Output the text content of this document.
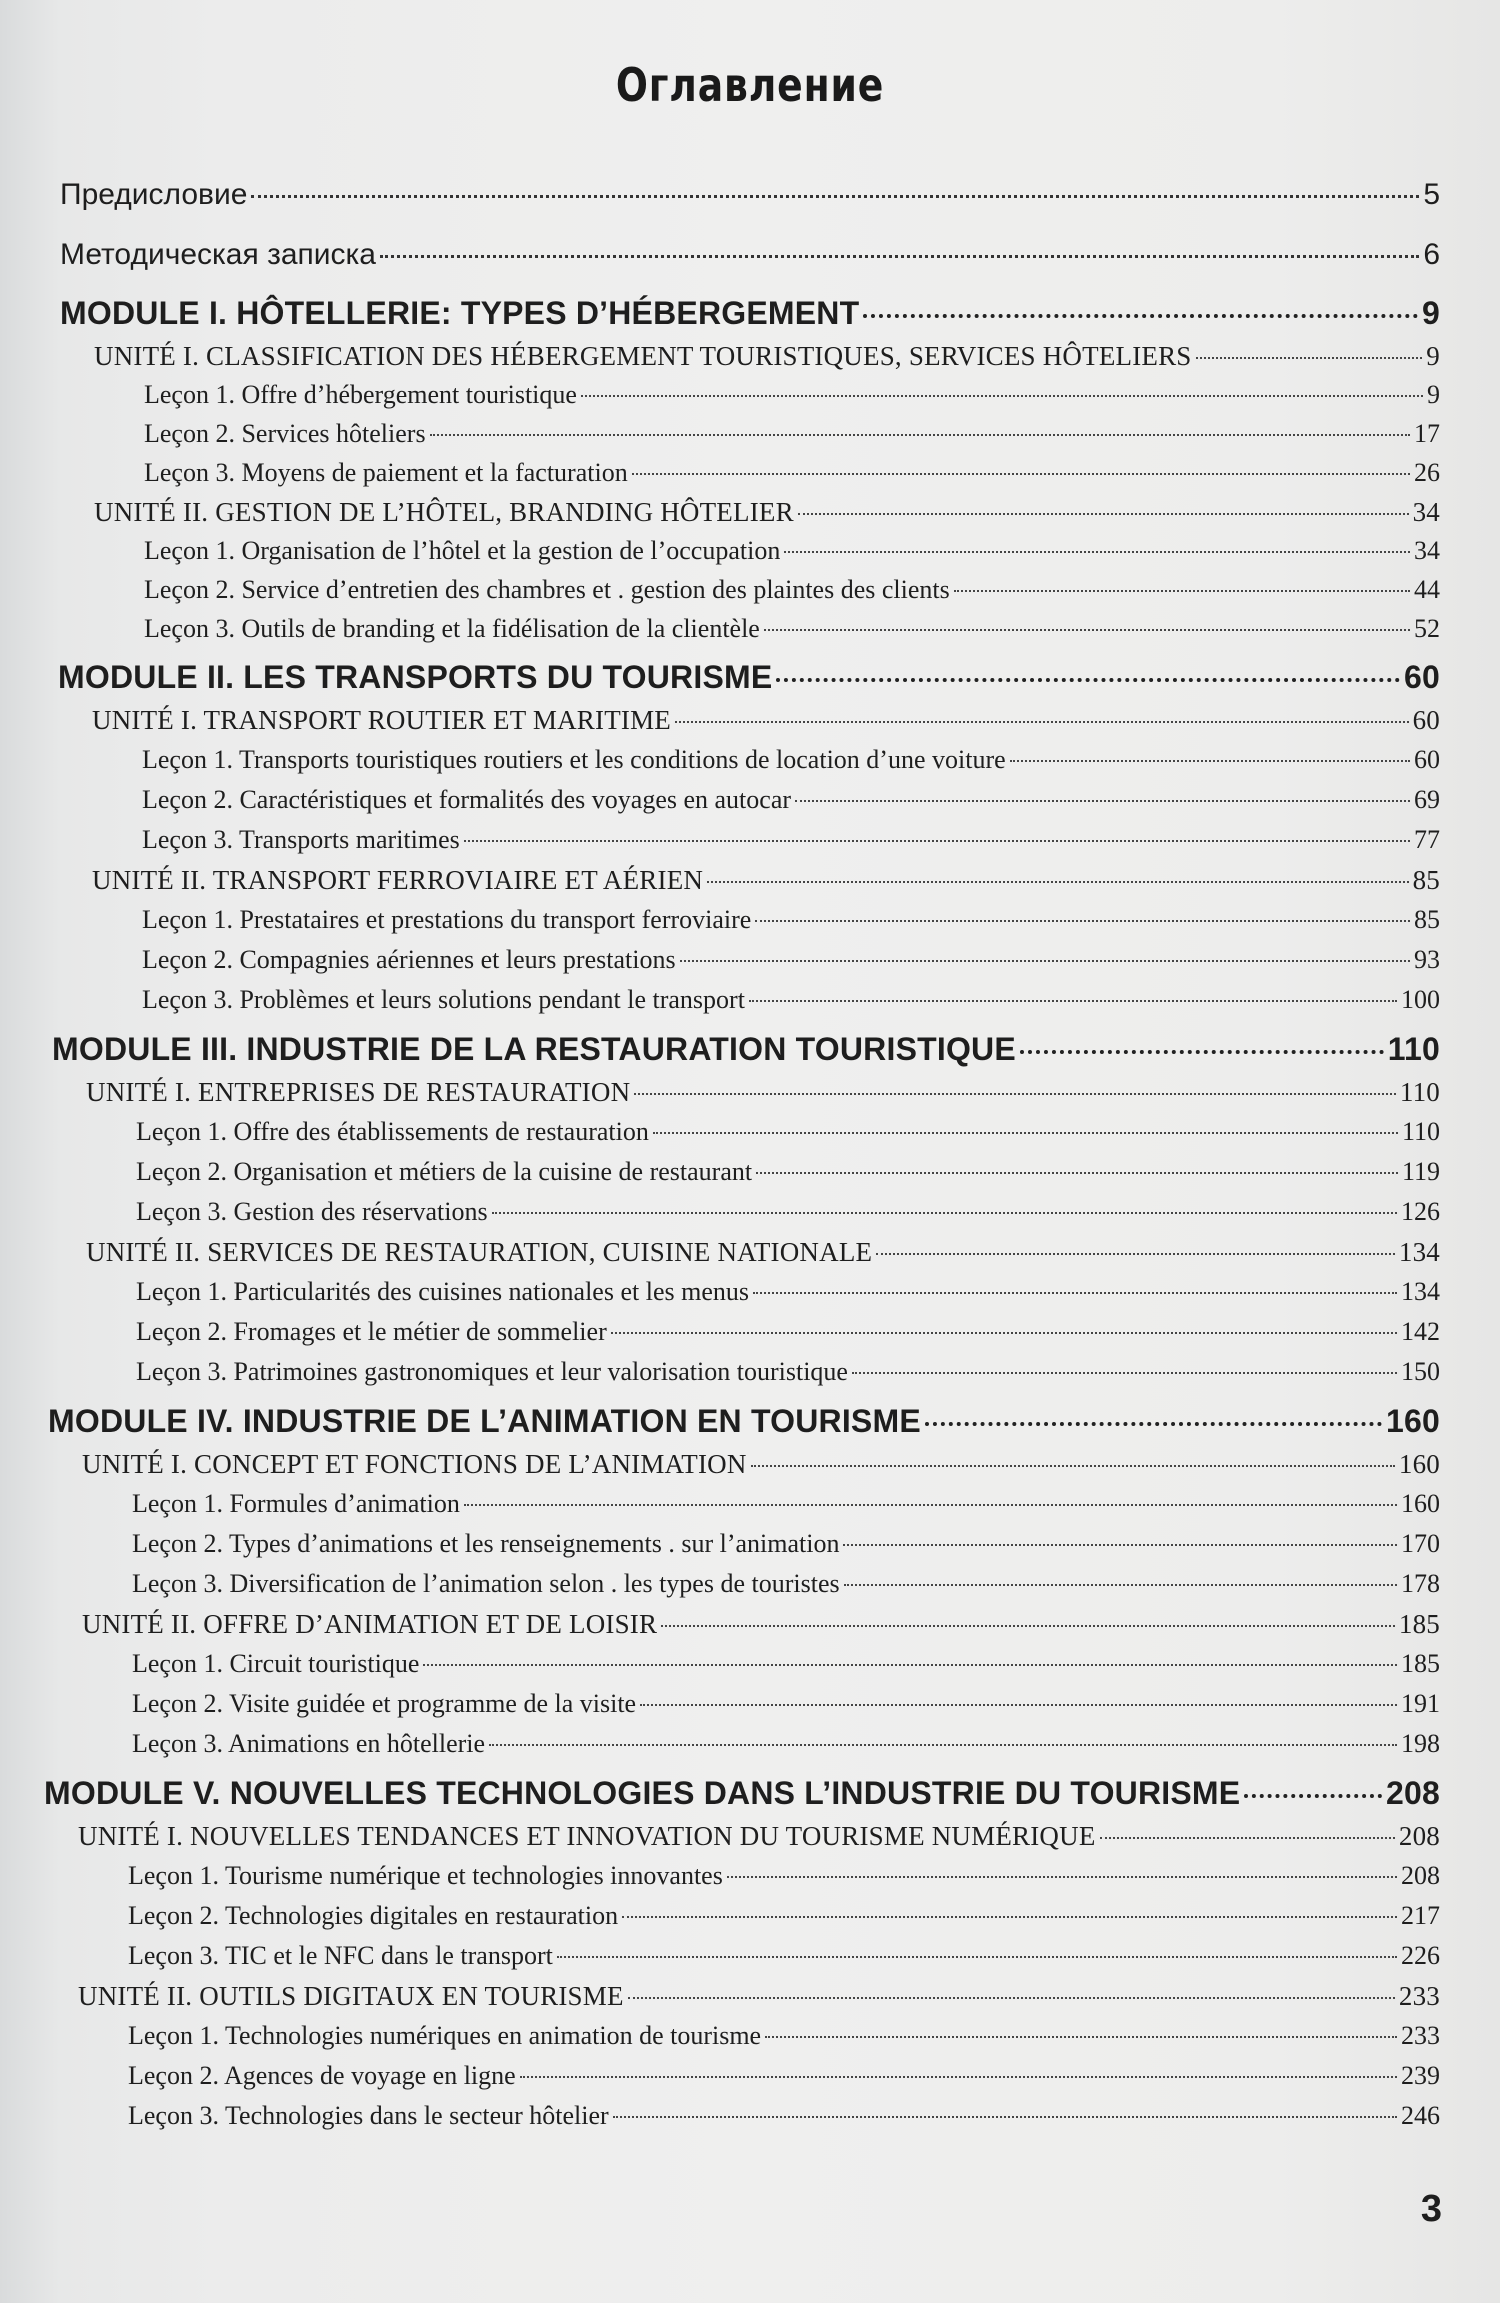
Оглавление
Предисловие	5
Методическая записка	6
MODULE I. HÔTELLERIE: TYPES D’HÉBERGEMENT	9
UNITÉ I. CLASSIFICATION DES HÉBERGEMENT TOURISTIQUES, SERVICES HÔTELIERS	9
Leçon 1. Offre d’hébergement touristique	9
Leçon 2. Services hôteliers	17
Leçon 3. Moyens de paiement et la facturation	26
UNITÉ II. GESTION DE L’HÔTEL, BRANDING HÔTELIER	34
Leçon 1. Organisation de l’hôtel et la gestion de l’occupation	34
Leçon 2. Service d’entretien des chambres et . gestion des plaintes des clients	44
Leçon 3. Outils de branding et la fidélisation de la clientèle	52
MODULE II. LES TRANSPORTS DU TOURISME	60
UNITÉ I. TRANSPORT ROUTIER ET MARITIME	60
Leçon 1. Transports touristiques routiers et les conditions de location d’une voiture	60
Leçon 2. Caractéristiques et formalités des voyages en autocar	69
Leçon 3. Transports maritimes	77
UNITÉ II. TRANSPORT FERROVIAIRE ET AÉRIEN	85
Leçon 1. Prestataires et prestations du transport ferroviaire	85
Leçon 2. Compagnies aériennes et leurs prestations	93
Leçon 3. Problèmes et leurs solutions pendant le transport	100
MODULE III. INDUSTRIE DE LA RESTAURATION TOURISTIQUE	110
UNITÉ I. ENTREPRISES DE RESTAURATION	110
Leçon 1. Offre des établissements de restauration	110
Leçon 2. Organisation et métiers de la cuisine de restaurant	119
Leçon 3. Gestion des réservations	126
UNITÉ II. SERVICES DE RESTAURATION, CUISINE NATIONALE	134
Leçon 1. Particularités des cuisines nationales et les menus	134
Leçon 2. Fromages et le métier de sommelier	142
Leçon 3. Patrimoines gastronomiques et leur valorisation touristique	150
MODULE IV. INDUSTRIE DE L’ANIMATION EN TOURISME	160
UNITÉ I. CONCEPT ET FONCTIONS DE L’ANIMATION	160
Leçon 1. Formules d’animation	160
Leçon 2. Types d’animations et les renseignements . sur l’animation	170
Leçon 3. Diversification de l’animation selon . les types de touristes	178
UNITÉ II. OFFRE D’ANIMATION ET DE LOISIR	185
Leçon 1. Circuit touristique	185
Leçon 2. Visite guidée et programme de la visite	191
Leçon 3. Animations en hôtellerie	198
MODULE V. NOUVELLES TECHNOLOGIES DANS L’INDUSTRIE DU TOURISME	208
UNITÉ I. NOUVELLES TENDANCES ET INNOVATION DU TOURISME NUMÉRIQUE	208
Leçon 1. Tourisme numérique et technologies innovantes	208
Leçon 2. Technologies digitales en restauration	217
Leçon 3. TIC et le NFC dans le transport	226
UNITÉ II. OUTILS DIGITAUX EN TOURISME	233
Leçon 1. Technologies numériques en animation de tourisme	233
Leçon 2. Agences de voyage en ligne	239
Leçon 3. Technologies dans le secteur hôtelier	246
3
